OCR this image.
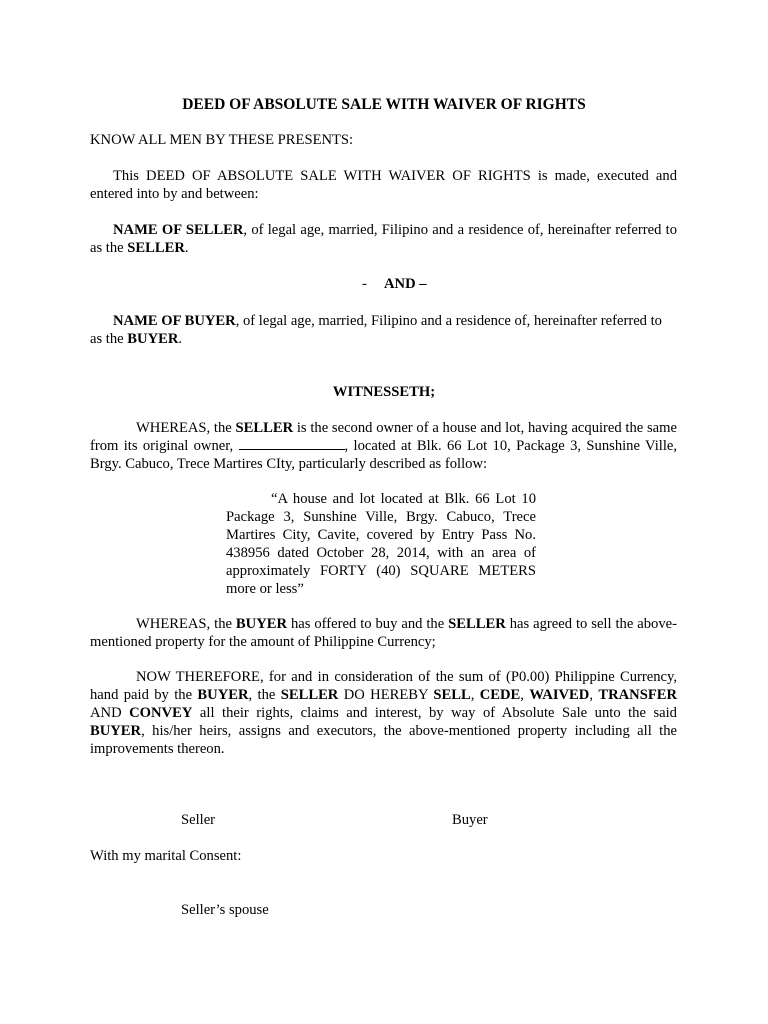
DEED OF ABSOLUTE SALE WITH WAIVER OF RIGHTS

KNOW ALL MEN BY THESE PRESENTS:

This DEED OF ABSOLUTE SALE WITH WAIVER OF RIGHTS is made, executed and entered into by and between:

NAME OF SELLER, of legal age, married, Filipino and a residence of, hereinafter referred to as the SELLER.

- AND –

NAME OF BUYER, of legal age, married, Filipino and a residence of, hereinafter referred to

as the BUYER.

WITNESSETH;

WHEREAS, the SELLER is the second owner of a house and lot, having acquired the same from its original owner,	, located at Blk. 66 Lot 10, Package 3, Sunshine Ville, Brgy. Cabuco, Trece Martires CIty, particularly described as follow:

“A house and lot located at Blk. 66 Lot 10 Package 3, Sunshine Ville, Brgy. Cabuco, Trece Martires City, Cavite, covered by Entry Pass No. 438956 dated October 28, 2014, with an area of approximately FORTY (40) SQUARE METERS more or less”

WHEREAS, the BUYER has offered to buy and the SELLER has agreed to sell the above-mentioned property for the amount of Philippine Currency;

NOW THEREFORE, for and in consideration of the sum of (P0.00) Philippine Currency, hand paid by the BUYER, the SELLER DO HEREBY SELL, CEDE, WAIVED, TRANSFER AND CONVEY all their rights, claims and interest, by way of Absolute Sale unto the said BUYER, his/her heirs, assigns and executors, the above-mentioned property including all the improvements thereon.

Seller	Buyer

With my marital Consent:

Seller’s spouse
